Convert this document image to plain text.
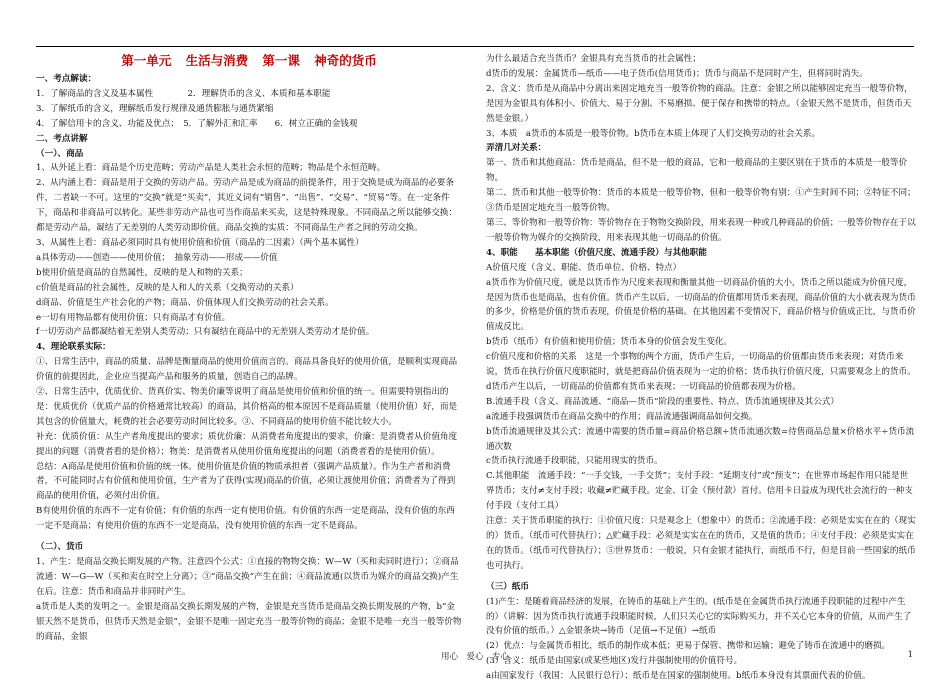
第一单元 生活与消费 第一课 神奇的货币
一、考点解读：
1．了解商品的含义及基本属性　　　　2．理解货币的含义、本质和基本职能
3．了解纸币的含义，理解纸币发行规律及通货膨胀与通货紧缩
4．了解信用卡的含义、功能及优点；　5．了解外汇和汇率　　6．树立正确的金钱观
二、考点讲解
（一）、商品
1、从外延上看：商品是个历史范畴；劳动产品是人类社会永恒的范畴；物品是个永恒范畴。
2、从内涵上看：商品是用于交换的劳动产品。劳动产品是成为商品的前提条件，用于交换是成为商品的必要条件，二者缺一不可。这里的“交换”就是“买卖”，其近义词有“销售”、“出售”、“交易”、“贸易”等。在一定条件下，商品和非商品可以转化。某些非劳动产品也可当作商品来买卖，这是特殊现象。不同商品之所以能够交换：都是劳动产品，凝结了无差别的人类劳动即价值。商品交换的实质：不同商品生产者之间的劳动交换。
3、从属性上看：商品必须同时具有使用价值和价值（商品的二因素）（两个基本属性）
a具体劳动——创造——使用价值；　抽象劳动——形成——价值
b使用价值是商品的自然属性，反映的是人和物的关系；
c价值是商品的社会属性，反映的是人和人的关系（交换劳动的关系）
d商品、价值是生产社会化的产物；商品、价值体现人们交换劳动的社会关系。
e一切有用物品都有使用价值；只有商品才有价值。
f一切劳动产品都凝结着无差别人类劳动；只有凝结在商品中的无差别人类劳动才是价值。
4、理论联系实际：
①、日常生活中，商品的质量、品牌是衡量商品的使用价值而言的。商品具备良好的使用价值，是顺利实现商品价值的前提因此，企业应当提高产品和服务的质量，创造自己的品牌。
②、日常生活中，优质优价、货真价实、物美价廉等说明了商品是使用价值和价值的统一。但需要特别指出的是：优质优价（优质产品的价格通常比较高）的商品，其价格高的根本原因不是商品质量（使用价值）好，而是其包含的价值量大，耗费的社会必要劳动时间比较多。③、不同商品的使用价值不能比较大小。
补充：优质价值：从生产者角度提出的要求；质优价廉：从消费者角度提出的要求，价廉：是消费者从价值角度提出的问题（消费者看的是价格）；物美：是消费者从使用价值角度提出的问题（消费者看的是使用价值）。
总结：A商品是使用价值和价值的统一体。使用价值是价值的物质承担者（强调产品质量）。作为生产者和消费者，不可能同时占有价值和使用价值，生产者为了获得(实现)商品的价值，必须让渡使用价值；消费者为了得到商品的使用价值，必须付出价值。
B有使用价值的东西不一定有价值；有价值的东西一定有使用价值。有价值的东西一定是商品，没有价值的东西一定不是商品；有使用价值的东西不一定是商品，没有使用价值的东西一定不是商品。
（二）、货币
1、产生：是商品交换长期发展的产物。注意四个公式：①直接的物物交换：W—W（买和卖同时进行）；②商品流通：W—G—W（买和卖在时空上分离）；③“商品交换”产生在前；④商品流通(以货币为媒介的商品交换)产生在后。注意：货币和商品并非同时产生。
a货币是人类的发明之一。金银是商品交换长期发展的产物，金银是充当货币是商品交换长期发展的产物，b“金银天然不是货币，但货币天然是金银”，金银不是唯一固定充当一般等价物的商品；金银不是唯一充当一般等价物的商品，金银
为什么最适合充当货币？金银具有充当货币的社会属性；
d货币的发展：金属货币—纸币——电子货币(信用货币)；货币与商品不是同时产生，但将同时消失。
2、含义：货币是从商品中分离出来固定地充当一般等价物的商品。注意：金银之所以能够固定充当一般等价物，是因为金银具有体积小、价值大、易于分割、不易磨损、便于保存和携带的特点。（金银天然不是货币，但货币天然是金银。）
3、本质　a货币的本质是一般等价物。b货币在本质上体现了人们交换劳动的社会关系。
弄清几对关系：
第一、货币和其他商品：货币是商品，但不是一般的商品，它和一般商品的主要区别在于货币的本质是一般等价物。
第二、货币和其他一般等价物：货币的本质是一般等价物，但和一般等价物有别：①产生时间不同；②特征不同；　③货币是固定地充当一般等价物。
第三、等价物和一般等价物：等价物存在于物物交换阶段，用来表现一种或几种商品的价值；一般等价物存在于以一般等价物为媒介的交换阶段，用来表现其他一切商品的价值。
4、职能　　基本职能（价值尺度、流通手段）与其他职能
A价值尺度（含义、职能、货币单位、价格、特点）
a货币作为价值尺度，就是以货币作为尺度来表现和衡量其他一切商品价值的大小，货币之所以能成为价值尺度，是因为货币也是商品，也有价值。货币产生以后，一切商品的价值都用货币来表现，商品价值的大小就表现为货币的多少，价格是价值的货币表现，价值是价格的基础。在其他因素不变情况下，商品价格与价值成正比，与货币价值成反比。
b货币（纸币）有价值和使用价值；货币本身的价值会发生变化。
c价值尺度和价格的关系　这是一个事物的两个方面，货币产生后，一切商品的价值都由货币来表现；对货币来说，货币在执行价值尺度职能时，就是把商品价值表现为一定的价格；货币执行价值尺度，只需要观念上的货币。
d货币产生以后，一切商品的价值都有货币来表现；一切商品的价值都表现为价格。
B.流通手段（含义、商品流通、“商品—货币”阶段的重要性、特点、货币流通规律及其公式）
a流通手段强调货币在商品交换中的作用；商品流通强调商品如何交换。
b货币流通规律及其公式：流通中需要的货币量=商品价格总额÷货币流通次数=待售商品总量×价格水平÷货币流通次数
c货币执行流通手段职能，只能用现实的货币。
C.其他职能　流通手段：“一手交钱，一手交货”；支付手段：“延期支付”或“预支”；在世界市场起作用只能是世界货币；支付≠支付手段；收藏≠贮藏手段。定金、订金（预付款）首付。信用卡日益成为现代社会流行的一种支付手段（支付工具）
注意：关于货币职能的执行：①价值尺度：只是观念上（想象中）的货币；②流通手段：必须是实实在在的（现实的）货币。（纸币可代替执行）；△贮藏手段：必须是实实在在的货币，又是值的货币；④支付手段：必须是实实在在的货币。（纸币可代替执行）；⑤世界货币：一般说，只有金银才能执行，而纸币不行，但是目前一些国家的纸币也可执行。
（三）纸币
(1)产生：是随着商品经济的发展，在铸币的基础上产生的。(纸币是在金属货币执行流通手段职能的过程中产生的）（讲解：因为货币执行流通手段职能时候，人们只关心它的实际购买力，并不关心它本身的价值，从而产生了没有价值的纸币。）△金银条块→铸币（足值→不足值）→纸币
(2）优点：与金属货币相比，纸币的制作成本低；更易于保管、携带和运输；避免了铸币在流通中的磨损。
(3）含义：纸币是由国家(或某些地区)发行并强制使用的价值符号。
a由国家发行（我国：人民银行总行）；纸币是在国家的强制使用。b纸币本身没有其票面代表的价值。
用心　爱心　专心	1
